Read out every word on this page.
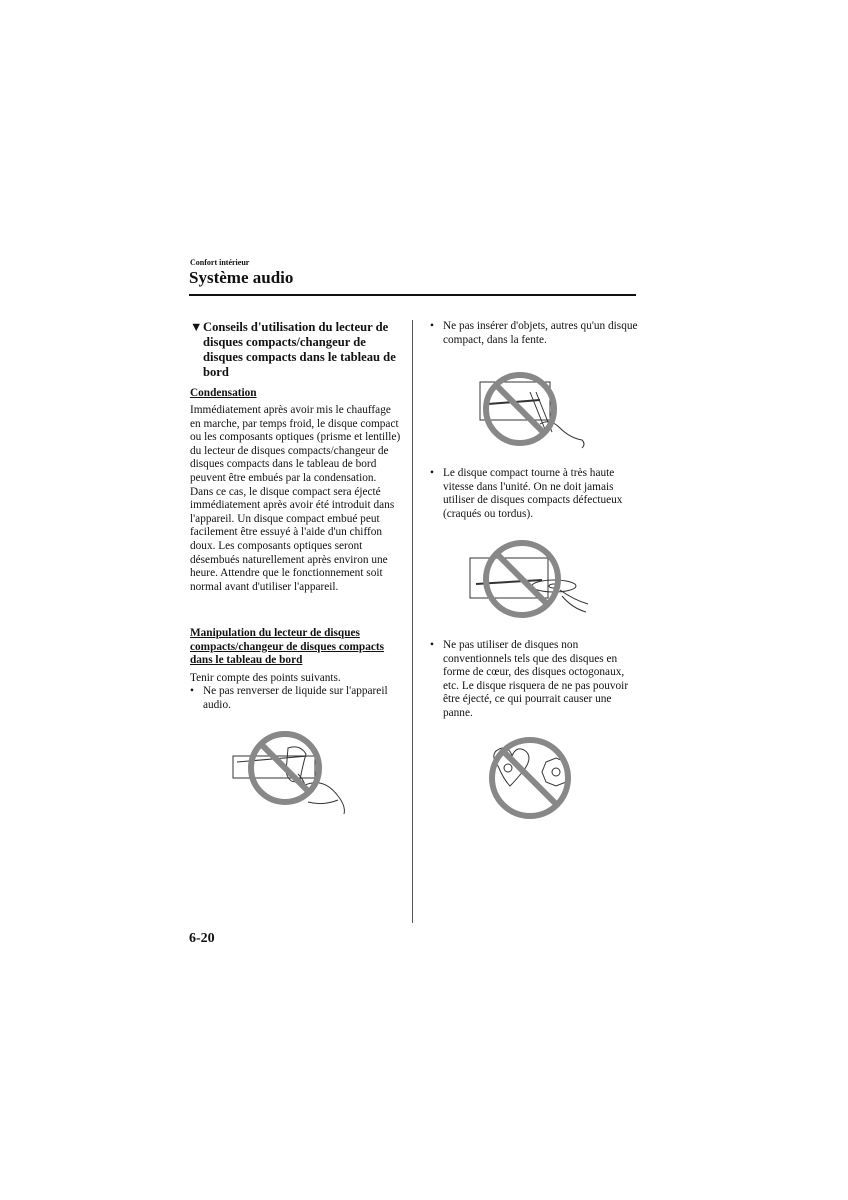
Confort intérieur
Système audio
▼ Conseils d'utilisation du lecteur de disques compacts/changeur de disques compacts dans le tableau de bord
Condensation

Immédiatement après avoir mis le chauffage en marche, par temps froid, le disque compact ou les composants optiques (prisme et lentille) du lecteur de disques compacts/changeur de disques compacts dans le tableau de bord peuvent être embués par la condensation. Dans ce cas, le disque compact sera éjecté immédiatement après avoir été introduit dans l'appareil. Un disque compact embué peut facilement être essuyé à l'aide d'un chiffon doux. Les composants optiques seront désembués naturellement après environ une heure. Attendre que le fonctionnement soit normal avant d'utiliser l'appareil.

Manipulation du lecteur de disques compacts/changeur de disques compacts dans le tableau de bord

Tenir compte des points suivants.

• Ne pas renverser de liquide sur l'appareil audio.
• Ne pas insérer d'objets, autres qu'un disque compact, dans la fente.
• Le disque compact tourne à très haute vitesse dans l'unité. On ne doit jamais utiliser de disques compacts défectueux (craqués ou tordus).
• Ne pas utiliser de disques non conventionnels tels que des disques en forme de cœur, des disques octogonaux, etc. Le disque risquera de ne pas pouvoir être éjecté, ce qui pourrait causer une panne.
6-20
